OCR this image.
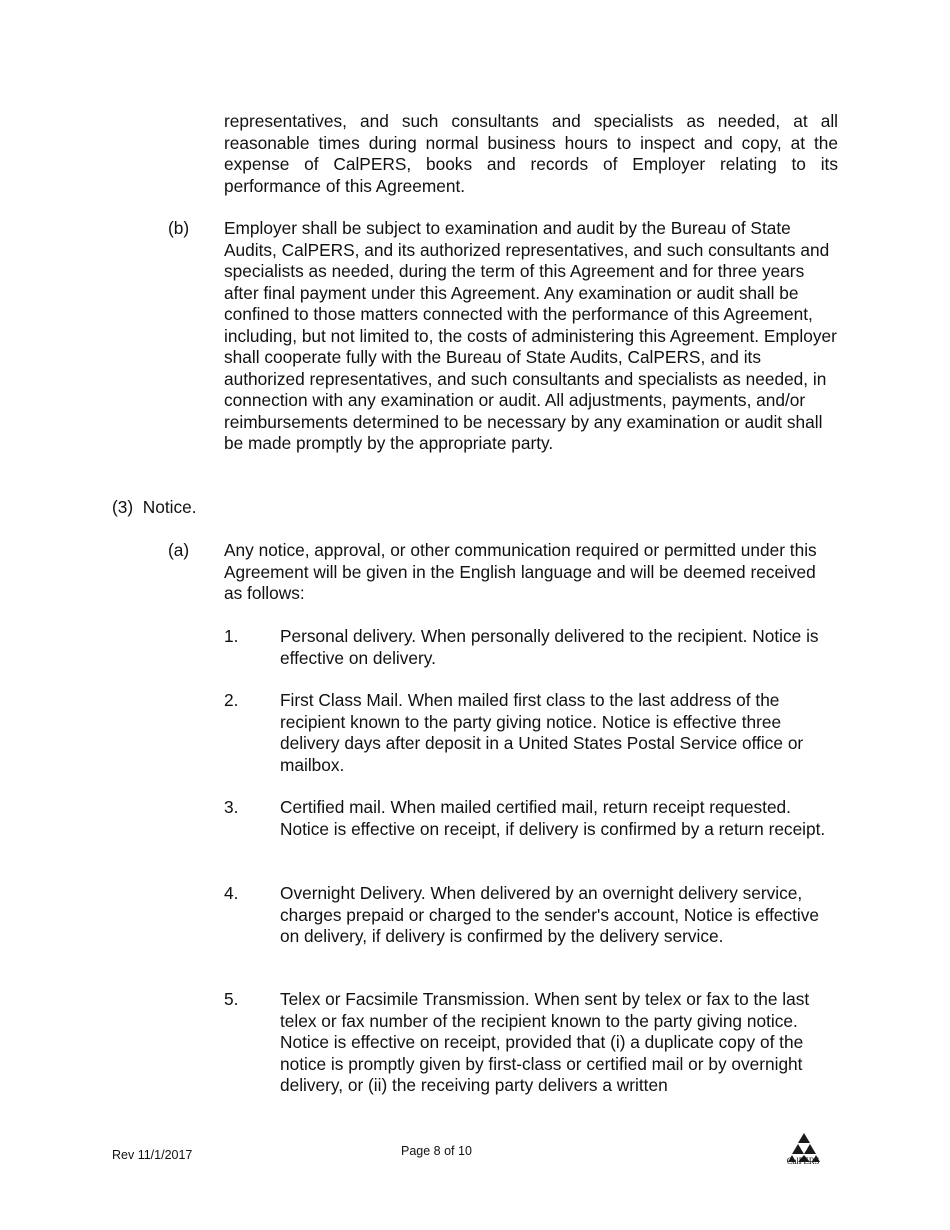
representatives, and such consultants and specialists as needed, at all reasonable times during normal business hours to inspect and copy, at the expense of CalPERS, books and records of Employer relating to its performance of this Agreement.

(b) Employer shall be subject to examination and audit by the Bureau of State Audits, CalPERS, and its authorized representatives, and such consultants and specialists as needed, during the term of this Agreement and for three years after final payment under this Agreement. Any examination or audit shall be confined to those matters connected with the performance of this Agreement, including, but not limited to, the costs of administering this Agreement. Employer shall cooperate fully with the Bureau of State Audits, CalPERS, and its authorized representatives, and such consultants and specialists as needed, in connection with any examination or audit. All adjustments, payments, and/or reimbursements determined to be necessary by any examination or audit shall be made promptly by the appropriate party.

(3)  Notice.
(a) Any notice, approval, or other communication required or permitted under this Agreement will be given in the English language and will be deemed received as follows:

1. Personal delivery. When personally delivered to the recipient. Notice is effective on delivery.

2. First Class Mail. When mailed first class to the last address of the recipient known to the party giving notice. Notice is effective three delivery days after deposit in a United States Postal Service office or mailbox.

3. Certified mail. When mailed certified mail, return receipt requested. Notice is effective on receipt, if delivery is confirmed by a return receipt.

4. Overnight Delivery. When delivered by an overnight delivery service, charges prepaid or charged to the sender's account, Notice is effective on delivery, if delivery is confirmed by the delivery service.

5. Telex or Facsimile Transmission. When sent by telex or fax to the last telex or fax number of the recipient known to the party giving notice. Notice is effective on receipt, provided that (i) a duplicate copy of the notice is promptly given by first-class or certified mail or by overnight delivery, or (ii) the receiving party delivers a written

Rev 11/1/2017	Page 8 of 10
CalPERS
